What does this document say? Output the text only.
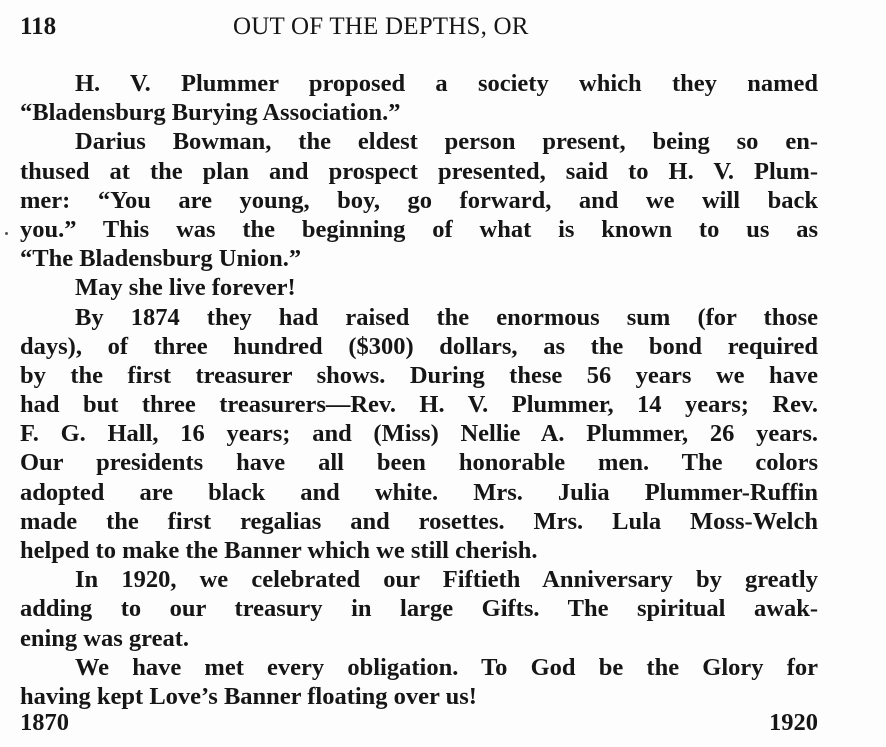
118	OUT OF THE DEPTHS, OR
H. V. Plummer proposed a society which they named
“Bladensburg Burying Association.”
Darius Bowman, the eldest person present, being so en-
thused at the plan and prospect presented, said to H. V. Plum-
mer: “You are young, boy, go forward, and we will back
you.” This was the beginning of what is known to us as
“The Bladensburg Union.”
May she live forever!
By 1874 they had raised the enormous sum (for those
days), of three hundred ($300) dollars, as the bond required
by the first treasurer shows. During these 56 years we have
had but three treasurers—Rev. H. V. Plummer, 14 years; Rev.
F. G. Hall, 16 years; and (Miss) Nellie A. Plummer, 26 years.
Our presidents have all been honorable men. The colors
adopted are black and white. Mrs. Julia Plummer-Ruffin
made the first regalias and rosettes. Mrs. Lula Moss-Welch
helped to make the Banner which we still cherish.
In 1920, we celebrated our Fiftieth Anniversary by greatly
adding to our treasury in large Gifts. The spiritual awak-
ening was great.
We have met every obligation. To God be the Glory for
having kept Love’s Banner floating over us!
1870	1920
